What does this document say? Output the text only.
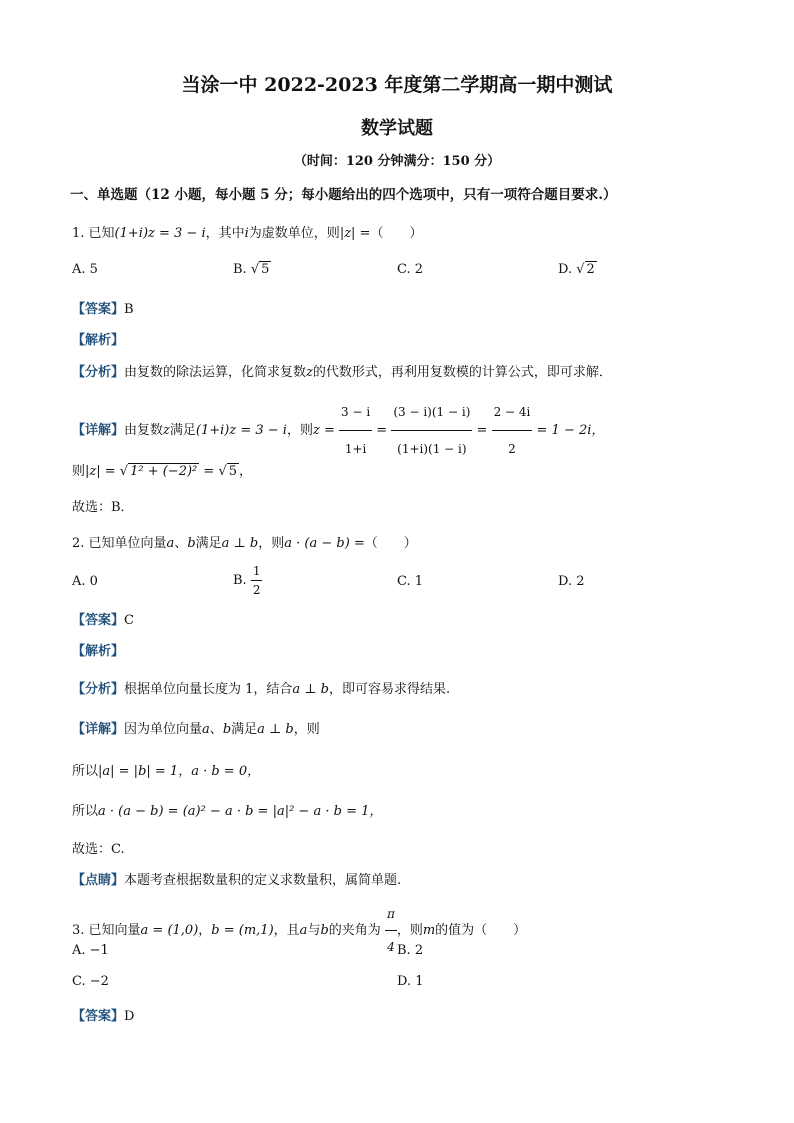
当涂一中 2022-2023 年度第二学期高一期中测试
数学试题
（时间：120 分钟满分：150 分）
一、单选题（12 小题，每小题 5 分；每小题给出的四个选项中，只有一项符合题目要求.）
1. 已知(1+i)z = 3 − i，其中i为虚数单位，则|z| =（　　）
A. 5	B. √ 5	C. 2	D. √ 2
【答案】B
【解析】
【分析】由复数的除法运算，化简求复数z的代数形式，再利用复数模的计算公式，即可求解．
【详解】由复数z满足(1+i)z = 3 − i，则$z = \frac{3 - i}{1+i} = \frac{(3 - i)(1 - i)}{(1+i)(1 - i)} = \frac{2 - 4i}{2} = 1 - 2i$，
则|z| = √ 1² + (−2)² = √ 5 ，
故选：B．
2. 已知单位向量a、b满足a ⊥ b，则a · (a − b) =（　　）
A. 0	B. $\frac{1}{2}$	C. 1	D. 2
【答案】C
【解析】
【分析】根据单位向量长度为 1，结合a ⊥ b，即可容易求得结果.
【详解】因为单位向量a、b满足a ⊥ b，则
所以|a| = |b| = 1，a · b = 0，
所以a · (a − b) = (a)² − a · b = |a|² − a · b = 1，
故选：C.
【点睛】本题考查根据数量积的定义求数量积，属简单题.
3. 已知向量a = (1,0)，b = (m,1)，且a与b的夹角为 $\frac{\pi}{4}$ ，则m的值为（　　）
A. −1	B. 2
C. −2	D. 1
【答案】D
